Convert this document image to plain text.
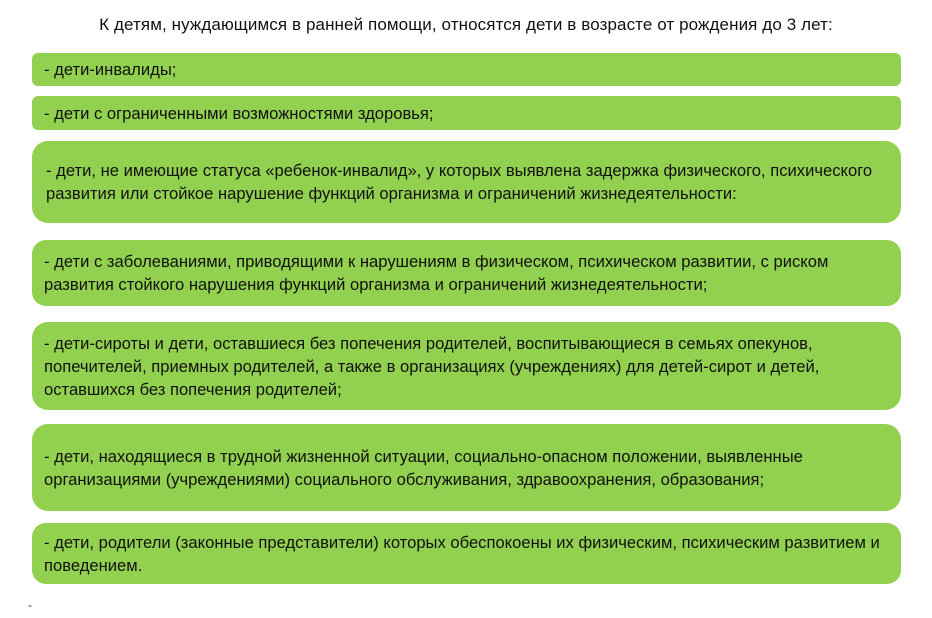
К детям, нуждающимся в ранней помощи, относятся дети в возрасте от рождения до 3 лет:
- дети-инвалиды;
- дети с ограниченными возможностями здоровья;
- дети, не имеющие статуса «ребенок-инвалид», у которых выявлена задержка физического, психического развития или стойкое нарушение функций организма и ограничений жизнедеятельности:
- дети с заболеваниями, приводящими к нарушениям в физическом, психическом развитии, с риском развития стойкого нарушения функций организма и ограничений жизнедеятельности;
- дети-сироты и дети, оставшиеся без попечения родителей, воспитывающиеся в семьях опекунов, попечителей, приемных родителей, а также в организациях (учреждениях) для детей-сирот и детей, оставшихся без попечения родителей;
- дети, находящиеся в трудной жизненной ситуации, социально-опасном положении, выявленные организациями (учреждениями) социального обслуживания, здравоохранения, образования;
- дети, родители (законные представители) которых обеспокоены их физическим, психическим развитием и поведением.
-
